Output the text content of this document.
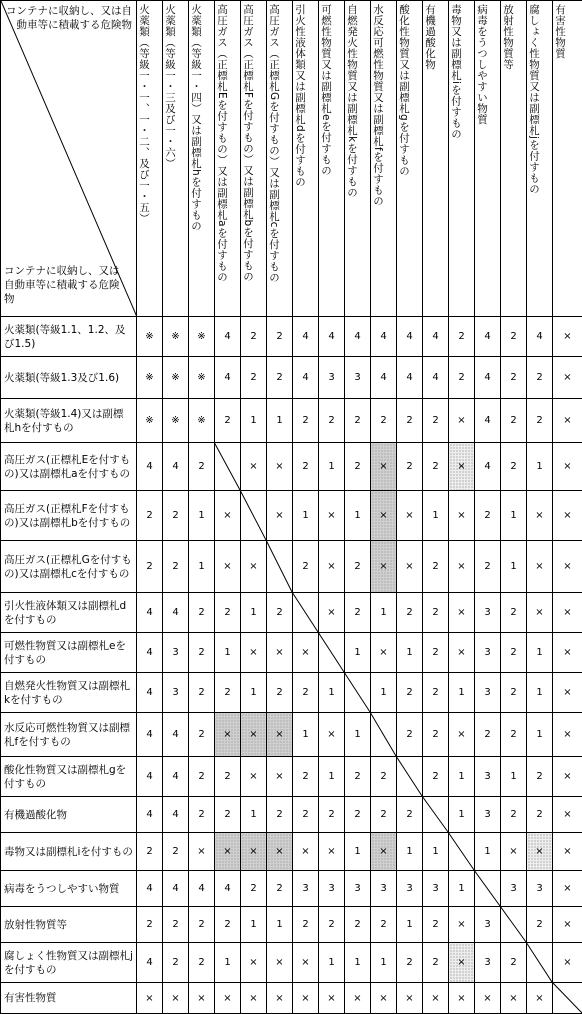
コンテナに収納し、又は自動車等に積載する危険物
コンテナに収納し、又は自動車等に積載する危険物	火薬類（等級一・一、一・二、及び一・五）	火薬類（等級一・三及び一・六）	火薬類（等級一・四）又は副標札hを付すもの	高圧ガス（正標札Eを付すもの）又は副標札aを付すもの	高圧ガス（正標札Fを付すもの）又は副標札bを付すもの	高圧ガス（正標札Gを付すもの）又は副標札cを付すもの	引火性液体類又は副標札dを付すもの	可燃性物質又は副標札eを付すもの	自燃発火性物質又は副標札kを付すもの	水反応可燃性物質又は副標札fを付すもの	酸化性物質又は副標札gを付すもの	有機過酸化物	毒物又は副標札iを付すもの	病毒をうつしやすい物質	放射性物質等	腐しょく性物質又は副標札jを付すもの	有害性物質

火薬類(等級1.1、1.2、及び1.5)	※	※	※	4	2	2	4	4	4	4	4	4	2	4	2	4	×
火薬類(等級1.3及び1.6)	※	※	※	4	2	2	4	3	3	4	4	4	2	4	2	2	×
火薬類(等級1.4)又は副標札hを付すもの	※	※	※	2	1	1	2	2	2	2	2	2	×	4	2	2	×
高圧ガス(正標札Eを付すもの)又は副標札aを付すもの	4	4	2		×	×	2	1	2	×	2	2	×	4	2	1	×
高圧ガス(正標札Fを付すもの)又は副標札bを付すもの	2	2	1	×		×	1	×	1	×	×	1	×	2	1	×	×
高圧ガス(正標札Gを付すもの)又は副標札cを付すもの	2	2	1	×	×		2	×	2	×	×	2	×	2	1	×	×
引火性液体類又は副標札dを付すもの	4	4	2	2	1	2		×	2	1	2	2	×	3	2	×	×
可燃性物質又は副標札eを付すもの	4	3	2	1	×	×	×		1	×	1	2	×	3	2	1	×
自燃発火性物質又は副標札kを付すもの	4	3	2	2	1	2	2	1		1	2	2	1	3	2	1	×
水反応可燃性物質又は副標札fを付すもの	4	4	2	×	×	×	1	×	1		2	2	×	2	2	1	×
酸化性物質又は副標札gを付すもの	4	4	2	2	×	×	2	1	2	2		2	1	3	1	2	×
有機過酸化物	4	4	2	2	1	2	2	2	2	2	2		1	3	2	2	×
毒物又は副標札iを付すもの	2	2	×	×	×	×	×	×	1	×	1	1		1	×	×	×
病毒をうつしやすい物質	4	4	4	4	2	2	3	3	3	3	3	3	1		3	3	×
放射性物質等	2	2	2	2	1	1	2	2	2	2	1	2	×	3		2	×
腐しょく性物質又は副標札jを付すもの	4	2	2	1	×	×	×	1	1	1	2	2	×	3	2		×
有害性物質	×	×	×	×	×	×	×	×	×	×	×	×	×	×	×	×	
